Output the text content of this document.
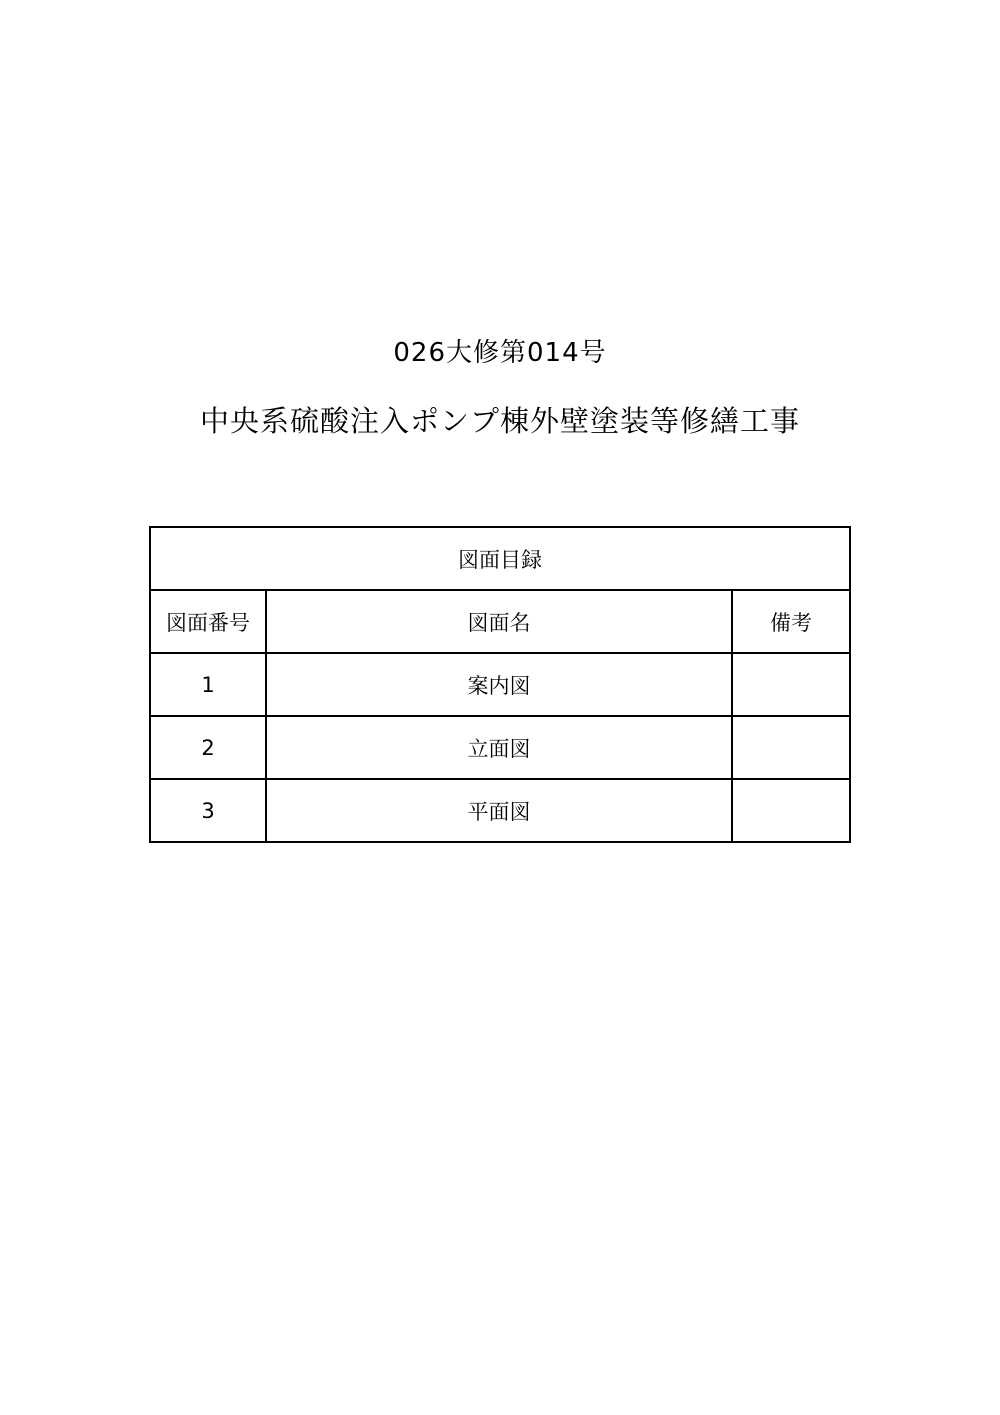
026大修第014号
中央系硫酸注入ポンプ棟外壁塗装等修繕工事
図面目録		
図面番号	図面名	備考
1	案内図	
2	立面図	
3	平面図	
